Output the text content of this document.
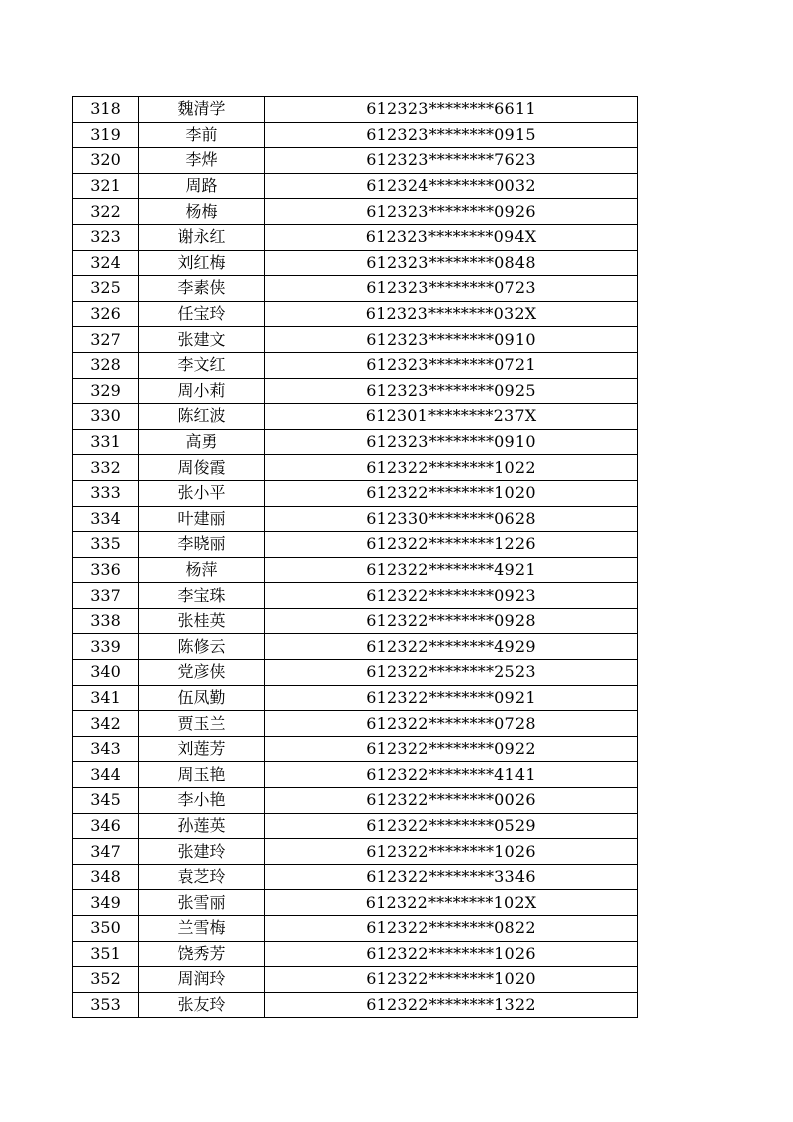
318	魏清学	612323********6611
319	李前	612323********0915
320	李烨	612323********7623
321	周路	612324********0032
322	杨梅	612323********0926
323	谢永红	612323********094X
324	刘红梅	612323********0848
325	李素侠	612323********0723
326	任宝玲	612323********032X
327	张建文	612323********0910
328	李文红	612323********0721
329	周小莉	612323********0925
330	陈红波	612301********237X
331	高勇	612323********0910
332	周俊霞	612322********1022
333	张小平	612322********1020
334	叶建丽	612330********0628
335	李晓丽	612322********1226
336	杨萍	612322********4921
337	李宝珠	612322********0923
338	张桂英	612322********0928
339	陈修云	612322********4929
340	党彦侠	612322********2523
341	伍凤勤	612322********0921
342	贾玉兰	612322********0728
343	刘莲芳	612322********0922
344	周玉艳	612322********4141
345	李小艳	612322********0026
346	孙莲英	612322********0529
347	张建玲	612322********1026
348	袁芝玲	612322********3346
349	张雪丽	612322********102X
350	兰雪梅	612322********0822
351	饶秀芳	612322********1026
352	周润玲	612322********1020
353	张友玲	612322********1322
